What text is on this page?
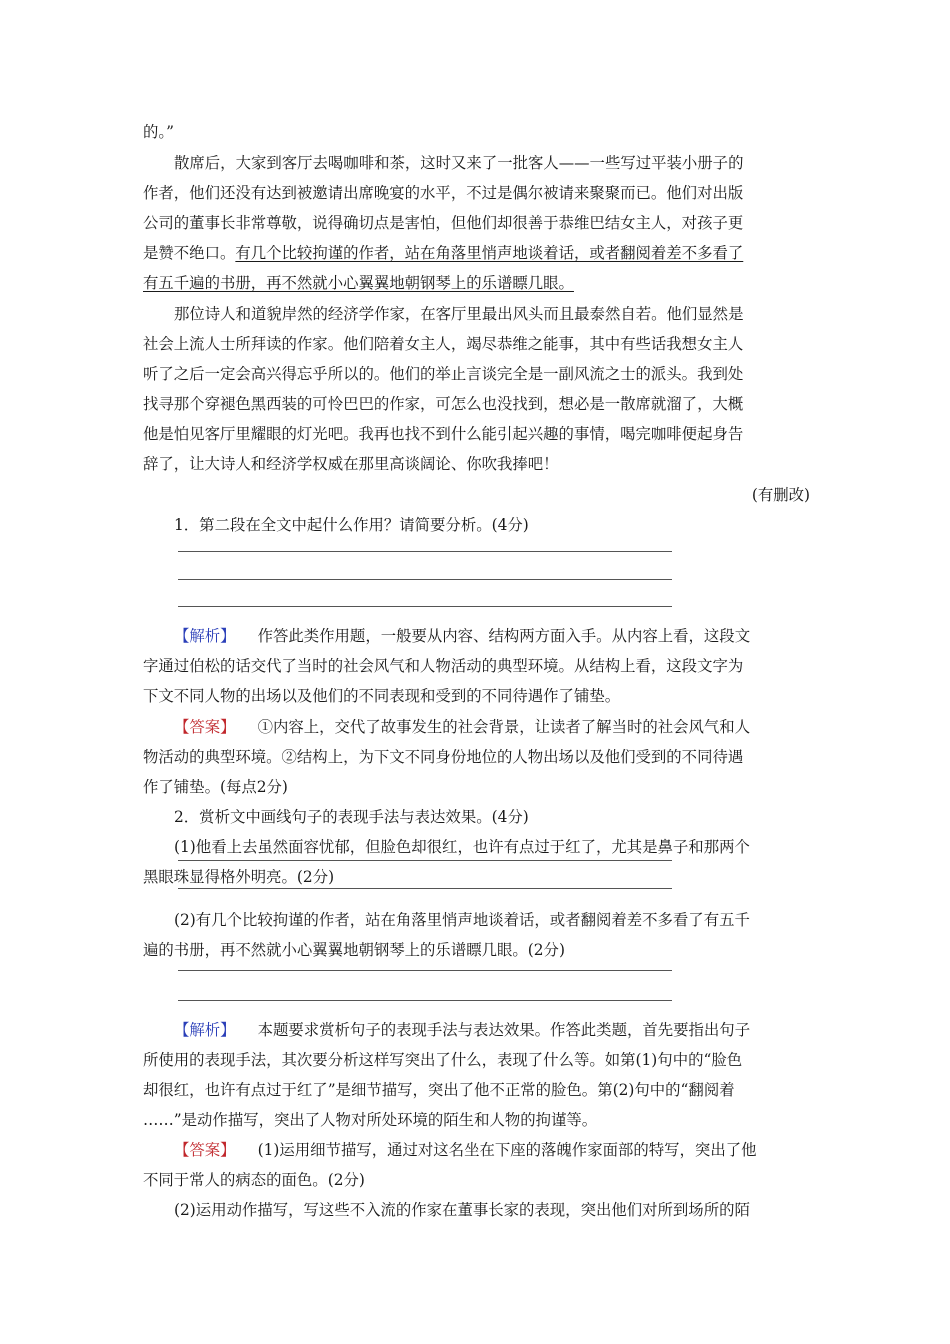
的。”
散席后，大家到客厅去喝咖啡和茶，这时又来了一批客人——一些写过平装小册子的
作者，他们还没有达到被邀请出席晚宴的水平，不过是偶尔被请来聚聚而已。他们对出版
公司的董事长非常尊敬，说得确切点是害怕，但他们却很善于恭维巴结女主人，对孩子更
是赞不绝口。有几个比较拘谨的作者，站在角落里悄声地谈着话，或者翻阅着差不多看了
有五千遍的书册，再不然就小心翼翼地朝钢琴上的乐谱瞟几眼。
那位诗人和道貌岸然的经济学作家，在客厅里最出风头而且最泰然自若。他们显然是
社会上流人士所拜读的作家。他们陪着女主人，竭尽恭维之能事，其中有些话我想女主人
听了之后一定会高兴得忘乎所以的。他们的举止言谈完全是一副风流之士的派头。我到处
找寻那个穿褪色黑西装的可怜巴巴的作家，可怎么也没找到，想必是一散席就溜了，大概
他是怕见客厅里耀眼的灯光吧。我再也找不到什么能引起兴趣的事情，喝完咖啡便起身告
辞了，让大诗人和经济学权威在那里高谈阔论、你吹我捧吧！
(有删改)
1．第二段在全文中起什么作用？请简要分析。(4分)
【解析】 作答此类作用题，一般要从内容、结构两方面入手。从内容上看，这段文
字通过伯松的话交代了当时的社会风气和人物活动的典型环境。从结构上看，这段文字为
下文不同人物的出场以及他们的不同表现和受到的不同待遇作了铺垫。
【答案】 ①内容上，交代了故事发生的社会背景，让读者了解当时的社会风气和人
物活动的典型环境。②结构上，为下文不同身份地位的人物出场以及他们受到的不同待遇
作了铺垫。(每点2分)
2．赏析文中画线句子的表现手法与表达效果。(4分)
(1)他看上去虽然面容忧郁，但脸色却很红，也许有点过于红了，尤其是鼻子和那两个
黑眼珠显得格外明亮。(2分)
(2)有几个比较拘谨的作者，站在角落里悄声地谈着话，或者翻阅着差不多看了有五千
遍的书册，再不然就小心翼翼地朝钢琴上的乐谱瞟几眼。(2分)
【解析】 本题要求赏析句子的表现手法与表达效果。作答此类题，首先要指出句子
所使用的表现手法，其次要分析这样写突出了什么，表现了什么等。如第(1)句中的“脸色
却很红，也许有点过于红了”是细节描写，突出了他不正常的脸色。第(2)句中的“翻阅着
……”是动作描写，突出了人物对所处环境的陌生和人物的拘谨等。
【答案】 (1)运用细节描写，通过对这名坐在下座的落魄作家面部的特写，突出了他
不同于常人的病态的面色。(2分)
(2)运用动作描写，写这些不入流的作家在董事长家的表现，突出他们对所到场所的陌
